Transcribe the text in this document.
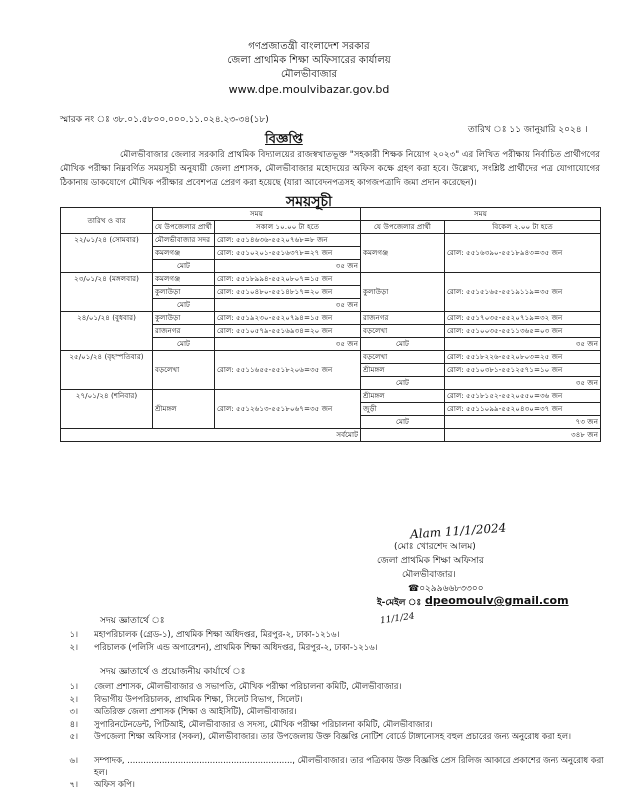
গণপ্রজাতন্ত্রী বাংলাদেশ সরকার
জেলা প্রাথমিক শিক্ষা অফিসারের কার্যালয়
মৌলভীবাজার
www.dpe.moulvibazar.gov.bd
স্মারক নং ঃ ৩৮.০১.৫৮০০.০০০.১১.০২৪.২৩-৩৪(১৮)
তারিখ ঃ ১১ জানুয়ারি ২০২৪ ।
বিজ্ঞপ্তি
মৌলভীবাজার জেলার সরকারি প্রাথমিক বিদ্যালয়ের রাজস্বখাতভূক্ত "সহকারী শিক্ষক নিয়োগ ২০২৩" এর লিখিত পরীক্ষায় নির্বাচিত প্রার্থীগণের মৌখিক পরীক্ষা নিম্নবর্ণিত সময়সূচী অনুযায়ী জেলা প্রশাসক, মৌলভীবাজার মহোদয়ের অফিস কক্ষে গ্রহণ করা হবে। উল্লেখ্য, সংশ্লিষ্ট প্রার্থীদের পত্র যোগাযোগের ঠিকানায় ডাকযোগে মৌখিক পরীক্ষার প্রবেশপত্র প্রেরণ করা হয়েছে (যারা আবেদনপত্রসহ কাগজপত্রাদি জমা প্রদান করেছেন)।
সময়সূচী
তারিখ ও বার	সময়		সময়	
	যে উপজেলার প্রার্থী	সকাল ১০.০০ টা হতে	যে উপজেলার প্রার্থী	বিকেল ২.০০ টা হতে
২২/০১/২৪ (সোমবার)	মৌলভীবাজার সদর	রোল: ৫৫১৪৬৩৬-৫৫২০৭৬৮=৮ জন	কমলগঞ্জ	রোল: ৫৫১৬৩৯০-৫৫১৮৯৪৩=৩৫ জন
	কমলগঞ্জ	রোল: ৫৫১০২০১-৫৫১৬৩৭৮=২৭ জন		
	মোট	৩৫ জন		
২৩/০১/২৪ (মঙ্গলবার)	কমলগঞ্জ	রোল: ৫৫১৮৯৯৪-৫৫২০৮০৭=১৫ জন	কুলাউড়া	রোল: ৫৫১৫১৬৫-৫৫১৯১১৯=৩৫ জন
	কুলাউড়া	রোল: ৫৫১০৪৮০-৫৫১৪৮১৭=২০ জন		
	মোট	৩৫ জন		
২৪/০১/২৪ (বুধবার)	কুলাউড়া	রোল: ৫৫১৯২৩০-৫৫২০৭৯৪=১৫ জন	রাজনগর	রোল: ৫৫১৭০৩৫-৫৫২০৭১৯=৩২ জন
	রাজনগর	রোল: ৫৫১০৫৭৯-৫৫১৬৯৩৪=২০ জন	বড়লেখা	রোল: ৫৫১০০৩৫-৫৫১১৩৬৫=০৩ জন
	মোট	৩৫ জন	মোট	৩৫ জন
২৫/০১/২৪ (বৃহস্পতিবার)	বড়লেখা	রোল: ৫৫১১৬৫৫-৫৫১৮২০৬=৩৫ জন	বড়লেখা	রোল: ৫৫১৮২২৬-৫৫২০৮০৩=২৫ জন
			শ্রীমঙ্গল	রোল: ৫৫১০৩৮১-৫৫১২৫৭১=১০ জন
			মোট	৩৫ জন
২৭/০১/২৪ (শনিবার)	শ্রীমঙ্গল	রোল: ৫৫১২৬১৩-৫৫১৮০৬৭=৩৫ জন	শ্রীমঙ্গল	রোল: ৫৫১৮১৫২-৫৫২০৫৫০=৩৬ জন
			জুড়ী	রোল: ৫৫১১০৯৯-৫৫২০৪৩০=৩৭ জন
			মোট	৭৩ জন
সর্বমোট				৩৪৮ জন
Alam 11/1/2024
(মোঃ খোরশেদ আলম)
জেলা প্রাথমিক শিক্ষা অফিসার
মৌলভীবাজার।
☎০২৯৯৬৬৮৩৩০০
ই-মেইল ঃ dpeomoulv@gmail.com
11/1/24
সদয় জ্ঞাতার্থে ঃ
১। মহাপরিচালক (গ্রেড-১), প্রাথমিক শিক্ষা অধিদপ্তর, মিরপুর-২, ঢাকা-১২১৬।
২। পরিচালক (পলিসি এন্ড অপারেশন), প্রাথমিক শিক্ষা অধিদপ্তর, মিরপুর-২, ঢাকা-১২১৬।
সদয় জ্ঞাতার্থে ও প্রয়োজনীয় কার্যার্থে ঃ
১। জেলা প্রশাসক, মৌলভীবাজার ও সভাপতি, মৌখিক পরীক্ষা পরিচালনা কমিটি, মৌলভীবাজার।
২। বিভাগীয় উপপরিচালক, প্রাথমিক শিক্ষা, সিলেট বিভাগ, সিলেট।
৩। অতিরিক্ত জেলা প্রশাসক (শিক্ষা ও আইসিটি), মৌলভীবাজার।
৪। সুপারিনটেনডেন্ট, পিটিআই, মৌলভীবাজার ও সদস্য, মৌখিক পরীক্ষা পরিচালনা কমিটি, মৌলভীবাজার।
৫। উপজেলা শিক্ষা অফিসার (সকল), মৌলভীবাজার। তার উপজেলায় উক্ত বিজ্ঞপ্তি নোটিশ বোর্ডে টাঙ্গানোসহ বহুল প্রচারের জন্য অনুরোধ করা হল।
৬। সম্পাদক, .............................................................., মৌলভীবাজার। তার পত্রিকায় উক্ত বিজ্ঞপ্তি প্রেস রিলিজ আকারে প্রকাশের জন্য অনুরোধ করা হল।
৭। অফিস কপি।
